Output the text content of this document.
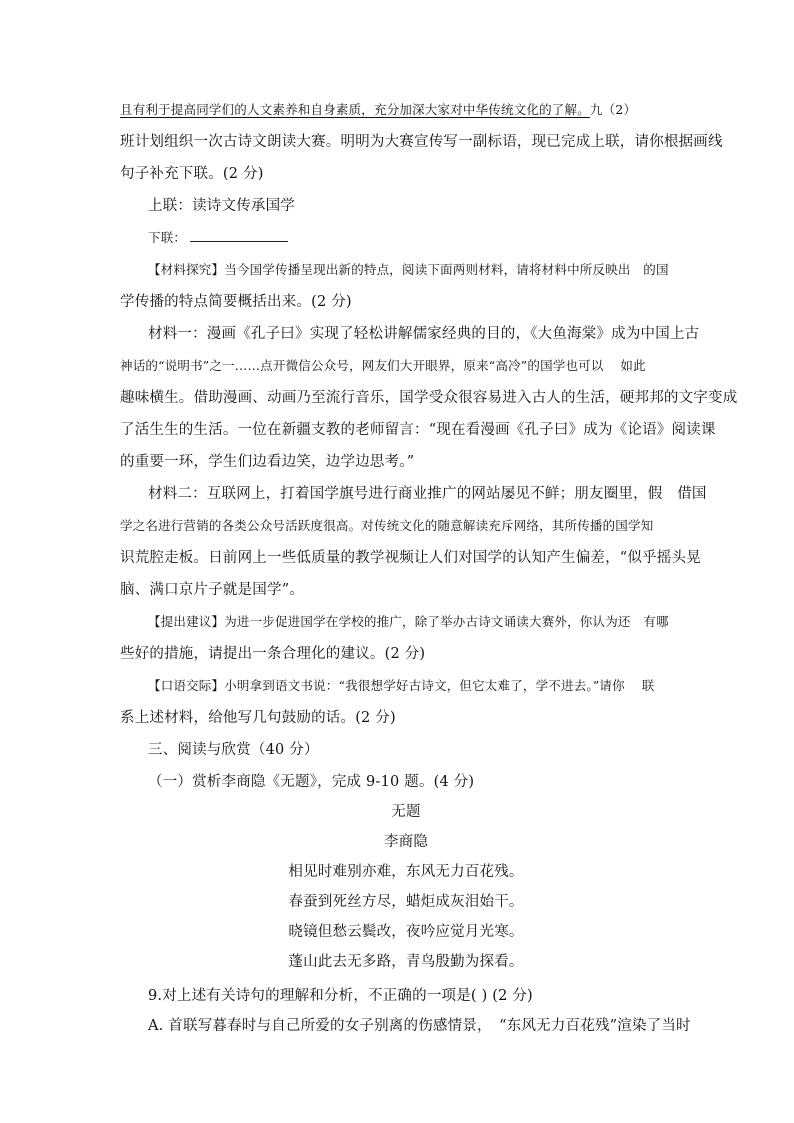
且有利于提高同学们的人文素养和自身素质，充分加深大家对中华传统文化的了解。九（2）
班计划组织一次古诗文朗读大赛。明明为大赛宣传写一副标语，现已完成上联，请你根据画线
句子补充下联。(2 分)
上联：读诗文传承国学
下联：
【材料探究】当今国学传播呈现出新的特点，阅读下面两则材料，请将材料中所反映出　的国
学传播的特点简要概括出来。(2 分)
材料一：漫画《孔子曰》实现了轻松讲解儒家经典的目的，《大鱼海棠》成为中国上古
神话的“说明书”之一……点开微信公众号，网友们大开眼界，原来“高冷”的国学也可以　 如此
趣味横生。借助漫画、动画乃至流行音乐，国学受众很容易进入古人的生活，硬邦邦的文字变成
了活生生的生活。一位在新疆支教的老师留言：“现在看漫画《孔子曰》成为《论语》阅读课
的重要一环，学生们边看边笑，边学边思考。”
材料二：互联网上，打着国学旗号进行商业推广的网站屡见不鲜；朋友圈里，假　借国
学之名进行营销的各类公众号活跃度很高。对传统文化的随意解读充斥网络，其所传播的国学知
识荒腔走板。日前网上一些低质量的教学视频让人们对国学的认知产生偏差，“似乎摇头晃
脑、满口京片子就是国学”。
【提出建议】为进一步促进国学在学校的推广，除了举办古诗文诵读大赛外，你认为还　有哪
些好的措施，请提出一条合理化的建议。(2 分)
【口语交际】小明拿到语文书说：“我很想学好古诗文，但它太难了，学不进去。”请你　 联
系上述材料，给他写几句鼓励的话。(2 分)
三、阅读与欣赏（40 分）
（一）赏析李商隐《无题》，完成 9-10 题。(4 分)
无题
李商隐
相见时难别亦难，东风无力百花残。
春蚕到死丝方尽，蜡炬成灰泪始干。
晓镜但愁云鬓改，夜吟应觉月光寒。
蓬山此去无多路，青鸟殷勤为探看。
9.对上述有关诗句的理解和分析，不正确的一项是( ) (2 分)
A. 首联写暮春时与自己所爱的女子别离的伤感情景，　“东风无力百花残”渲染了当时
